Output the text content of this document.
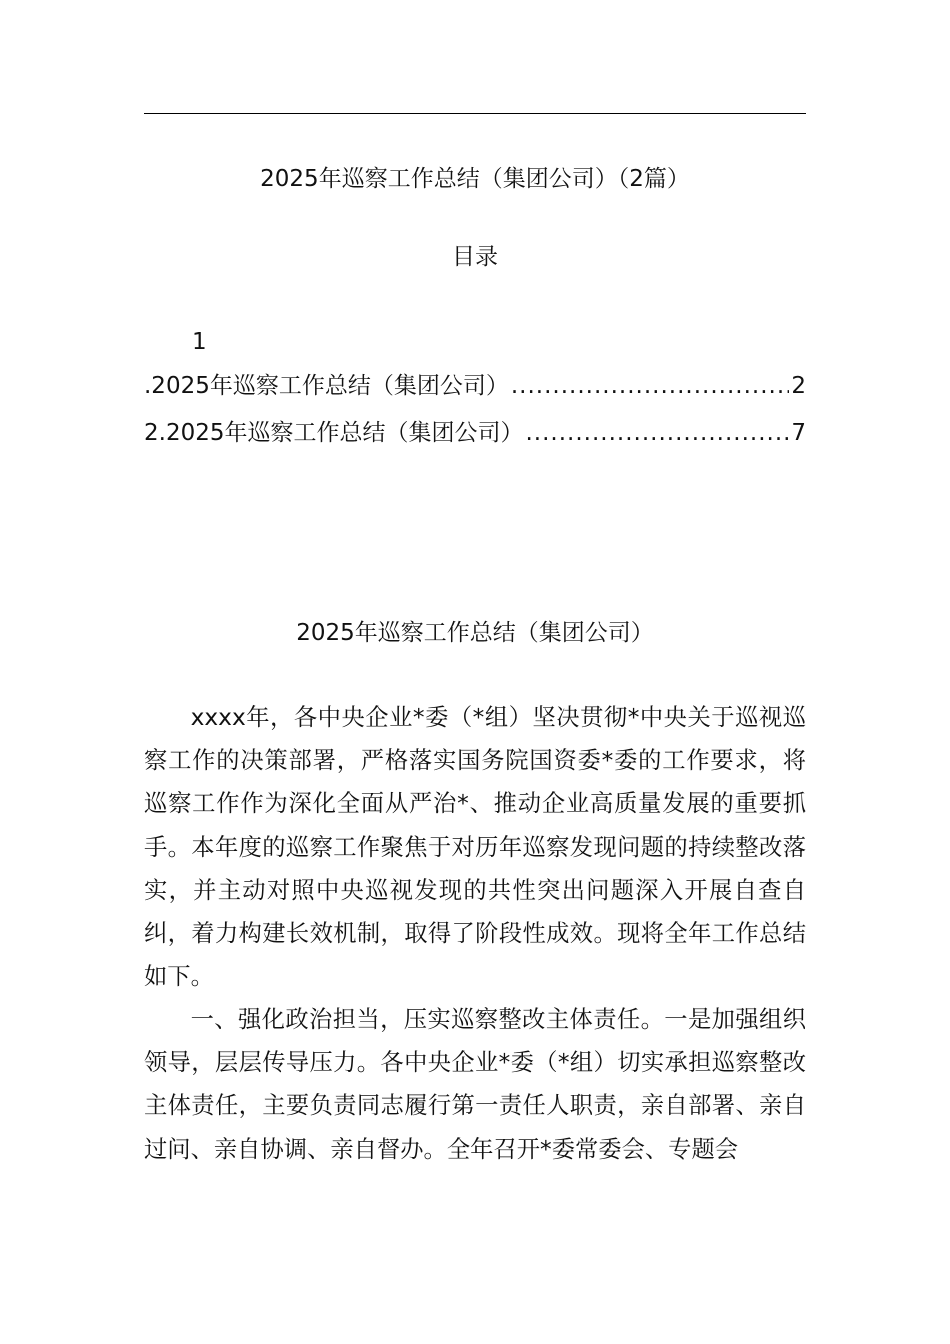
2025年巡察工作总结（集团公司）（2篇）
目录
1
.2025年巡察工作总结（集团公司） .....	2
2.2025年巡察工作总结（集团公司） .....	7
2025年巡察工作总结（集团公司）

xxxx年，各中央企业*委（*组）坚决贯彻*中央关于巡视巡察工作的决策部署，严格落实国务院国资委*委的工作要求，将巡察工作作为深化全面从严治*、推动企业高质量发展的重要抓手。本年度的巡察工作聚焦于对历年巡察发现问题的持续整改落实，并主动对照中央巡视发现的共性突出问题深入开展自查自纠，着力构建长效机制，取得了阶段性成效。现将全年工作总结如下。

一、强化政治担当，压实巡察整改主体责任。一是加强组织领导，层层传导压力。各中央企业*委（*组）切实承担巡察整改主体责任，主要负责同志履行第一责任人职责，亲自部署、亲自过问、亲自协调、亲自督办。全年召开*委常委会、专题会
